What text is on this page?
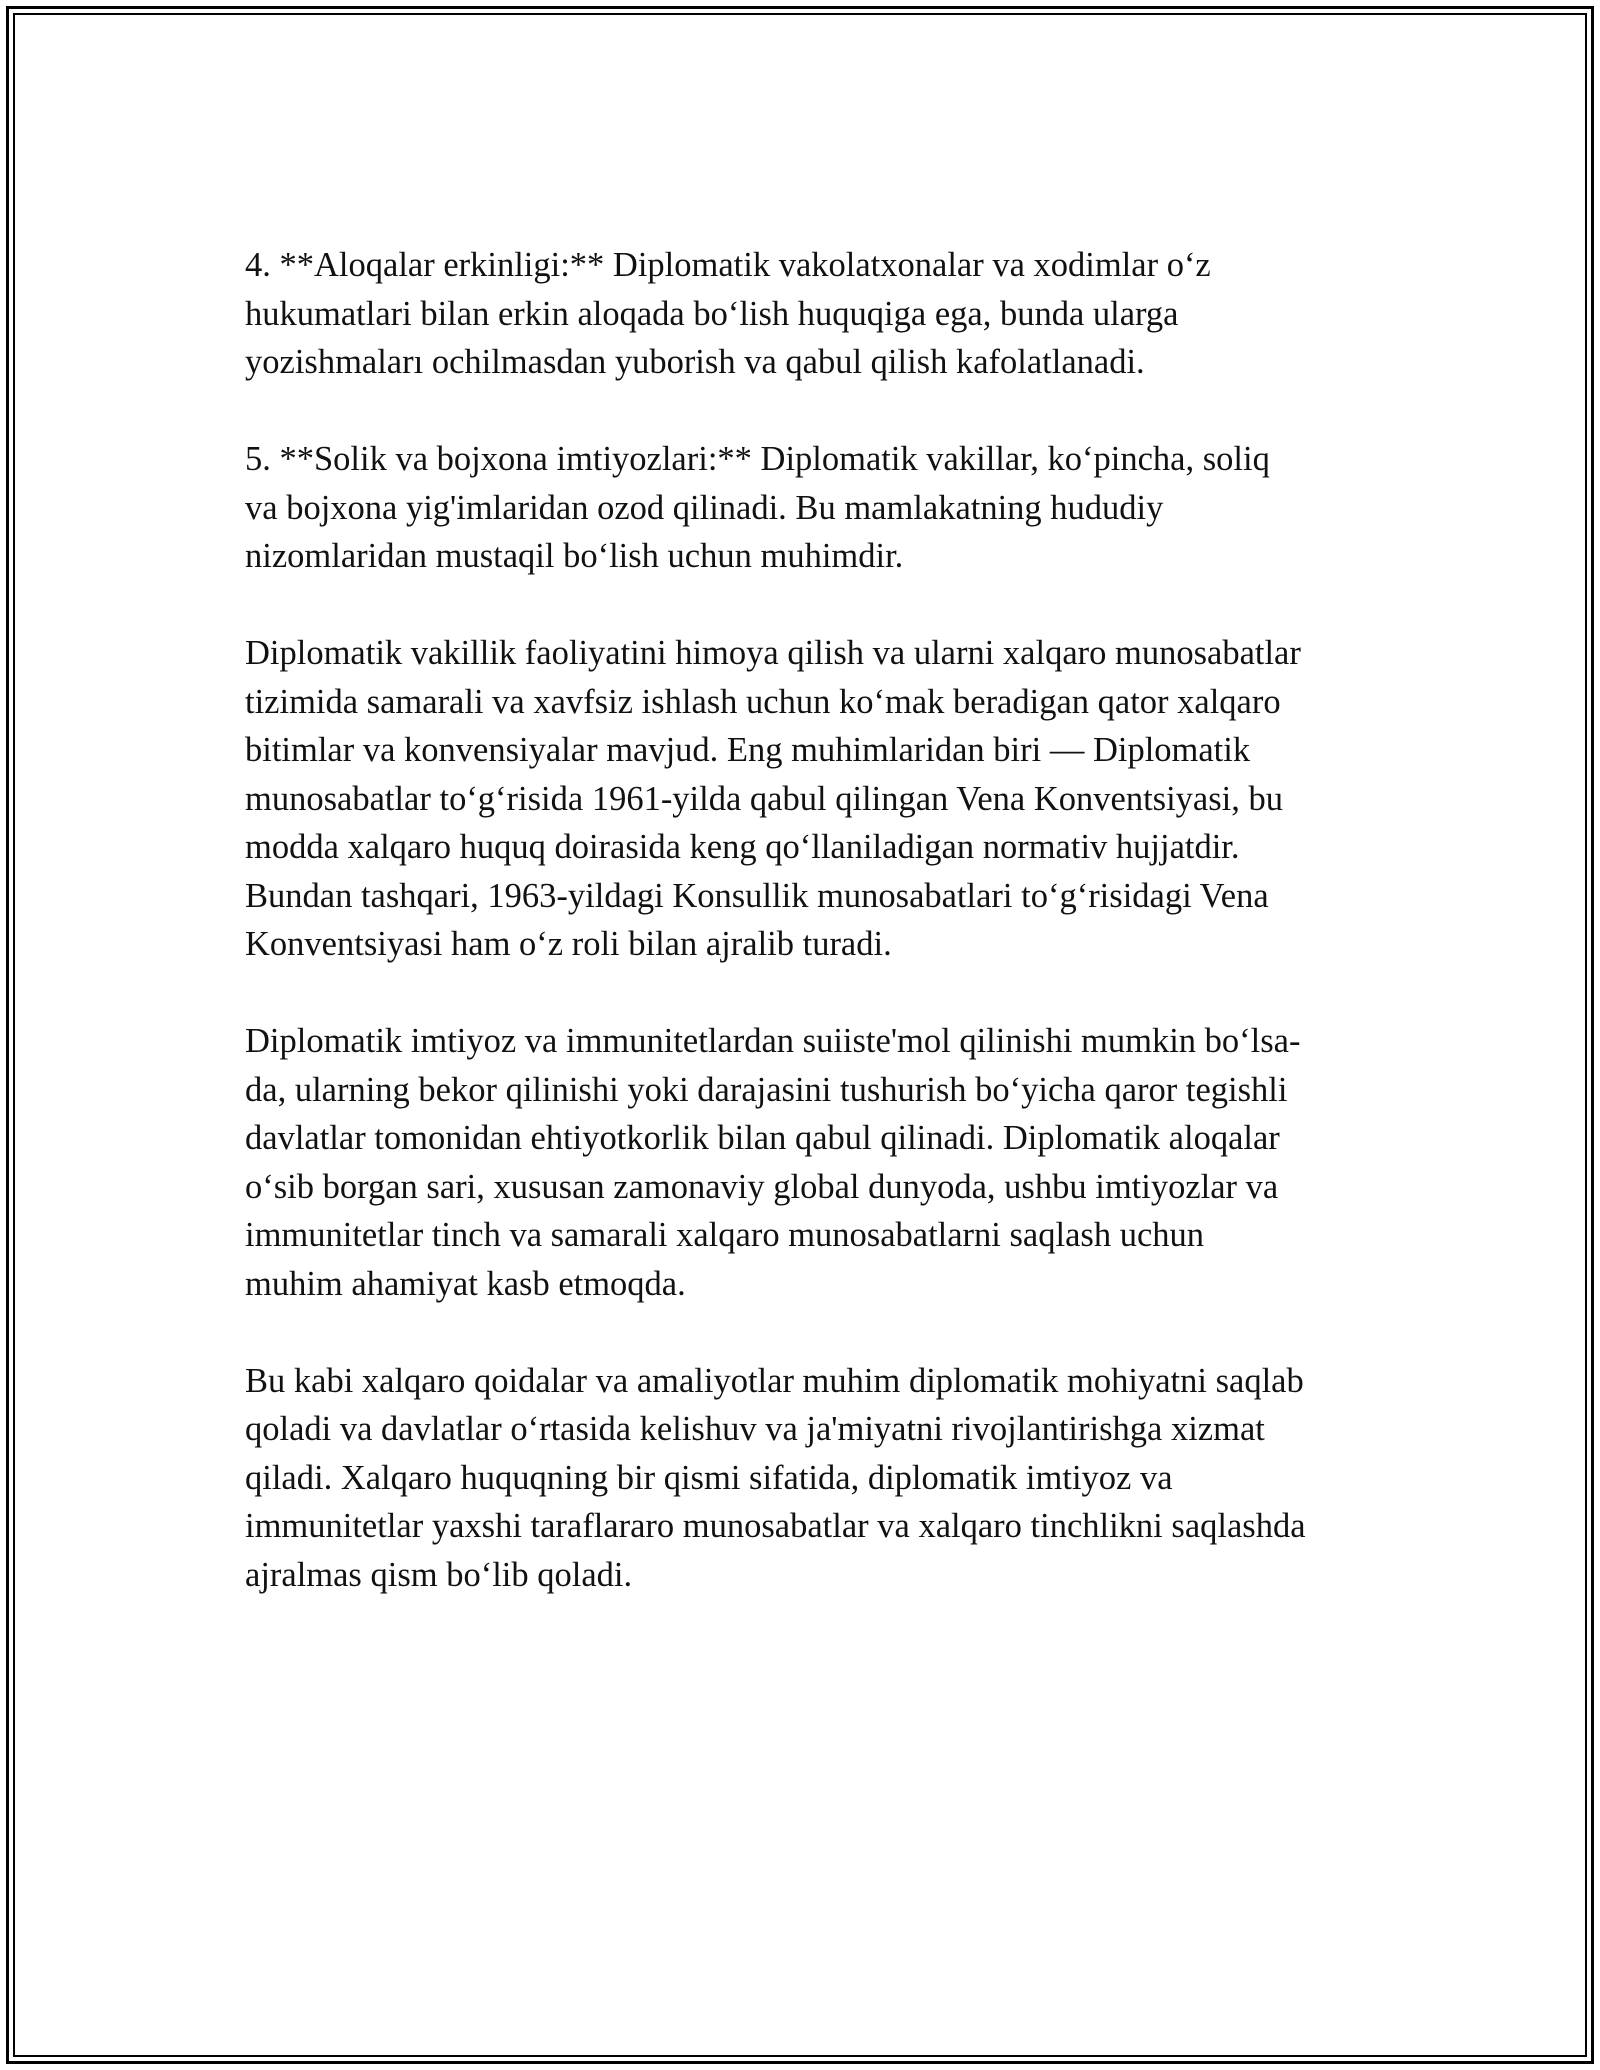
4. **Aloqalar erkinligi:** Diplomatik vakolatxonalar va xodimlar o‘z
hukumatlari bilan erkin aloqada bo‘lish huquqiga ega, bunda ularga
yozishmaları ochilmasdan yuborish va qabul qilish kafolatlanadi.

5. **Solik va bojxona imtiyozlari:** Diplomatik vakillar, ko‘pincha, soliq
va bojxona yig'imlaridan ozod qilinadi. Bu mamlakatning hududiy
nizomlaridan mustaqil bo‘lish uchun muhimdir.

Diplomatik vakillik faoliyatini himoya qilish va ularni xalqaro munosabatlar
tizimida samarali va xavfsiz ishlash uchun ko‘mak beradigan qator xalqaro
bitimlar va konvensiyalar mavjud. Eng muhimlaridan biri — Diplomatik
munosabatlar to‘g‘risida 1961-yilda qabul qilingan Vena Konventsiyasi, bu
modda xalqaro huquq doirasida keng qo‘llaniladigan normativ hujjatdir.
Bundan tashqari, 1963-yildagi Konsullik munosabatlari to‘g‘risidagi Vena
Konventsiyasi ham o‘z roli bilan ajralib turadi.

Diplomatik imtiyoz va immunitetlardan suiiste'mol qilinishi mumkin bo‘lsa-
da, ularning bekor qilinishi yoki darajasini tushurish bo‘yicha qaror tegishli
davlatlar tomonidan ehtiyotkorlik bilan qabul qilinadi. Diplomatik aloqalar
o‘sib borgan sari, xususan zamonaviy global dunyoda, ushbu imtiyozlar va
immunitetlar tinch va samarali xalqaro munosabatlarni saqlash uchun
muhim ahamiyat kasb etmoqda.

Bu kabi xalqaro qoidalar va amaliyotlar muhim diplomatik mohiyatni saqlab
qoladi va davlatlar o‘rtasida kelishuv va ja'miyatni rivojlantirishga xizmat
qiladi. Xalqaro huquqning bir qismi sifatida, diplomatik imtiyoz va
immunitetlar yaxshi taraflararo munosabatlar va xalqaro tinchlikni saqlashda
ajralmas qism bo‘lib qoladi.
